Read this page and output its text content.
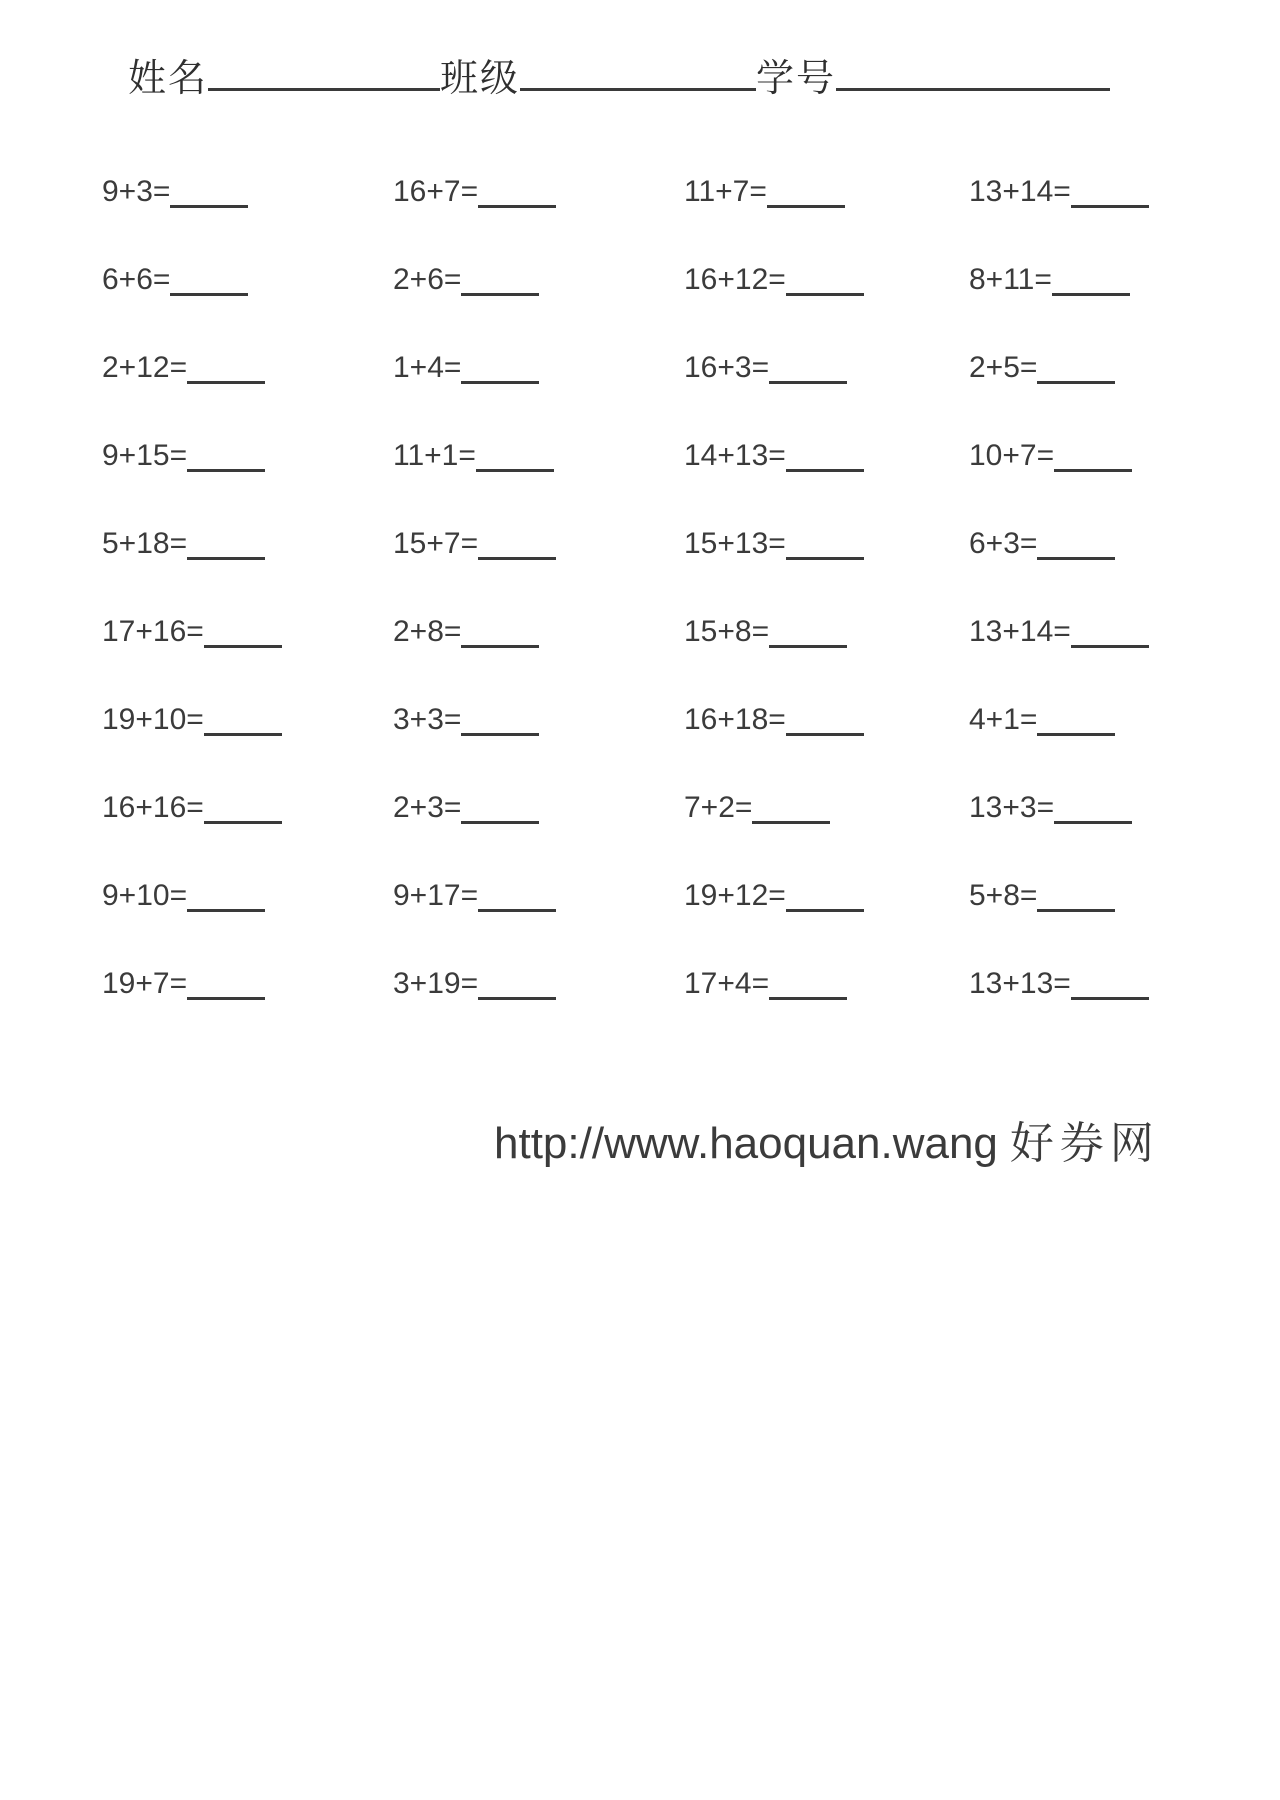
姓名	班级	学号
9+3=	16+7=	11+7=	13+14=
6+6=	2+6=	16+12=	8+11=
2+12=	1+4=	16+3=	2+5=
9+15=	11+1=	14+13=	10+7=
5+18=	15+7=	15+13=	6+3=
17+16=	2+8=	15+8=	13+14=
19+10=	3+3=	16+18=	4+1=
16+16=	2+3=	7+2=	13+3=
9+10=	9+17=	19+12=	5+8=
19+7=	3+19=	17+4=	13+13=
http://www.haoquan.wang 好券网
